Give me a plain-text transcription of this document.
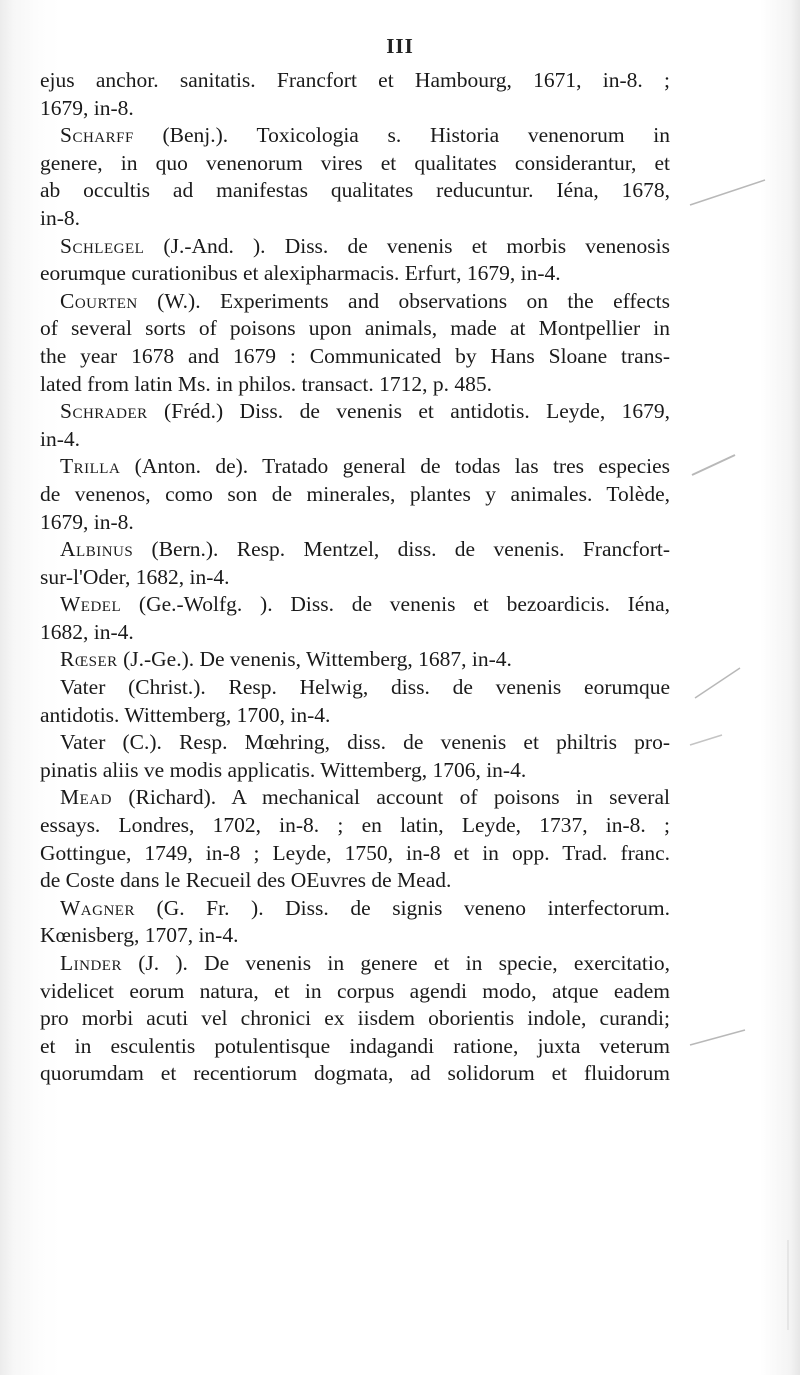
III
ejus anchor. sanitatis. Francfort et Hambourg, 1671, in-8. ;
1679, in-8.
Scharff (Benj.). Toxicologia s. Historia venenorum in
genere, in quo venenorum vires et qualitates considerantur, et
ab occultis ad manifestas qualitates reducuntur. Iéna, 1678,
in-8.
Schlegel (J.-And. ). Diss. de venenis et morbis venenosis
eorumque curationibus et alexipharmacis. Erfurt, 1679, in-4.
Courten (W.). Experiments and observations on the effects
of several sorts of poisons upon animals, made at Montpellier in
the year 1678 and 1679 : Communicated by Hans Sloane trans-
lated from latin Ms. in philos. transact. 1712, p. 485.
Schrader (Fréd.) Diss. de venenis et antidotis. Leyde, 1679,
in-4.
Trilla (Anton. de). Tratado general de todas las tres especies
de venenos, como son de minerales, plantes y animales. Tolède,
1679, in-8.
Albinus (Bern.). Resp. Mentzel, diss. de venenis. Francfort-
sur-l'Oder, 1682, in-4.
Wedel (Ge.-Wolfg. ). Diss. de venenis et bezoardicis. Iéna,
1682, in-4.
Rœser (J.-Ge.). De venenis, Wittemberg, 1687, in-4.
Vater (Christ.). Resp. Helwig, diss. de venenis eorumque
antidotis. Wittemberg, 1700, in-4.
Vater (C.). Resp. Mœhring, diss. de venenis et philtris pro-
pinatis aliis ve modis applicatis. Wittemberg, 1706, in-4.
Mead (Richard). A mechanical account of poisons in several
essays. Londres, 1702, in-8. ; en latin, Leyde, 1737, in-8. ;
Gottingue, 1749, in-8 ; Leyde, 1750, in-8 et in opp. Trad. franc.
de Coste dans le Recueil des OEuvres de Mead.
Wagner (G. Fr. ). Diss. de signis veneno interfectorum.
Kœnisberg, 1707, in-4.
Linder (J. ). De venenis in genere et in specie, exercitatio,
videlicet eorum natura, et in corpus agendi modo, atque eadem
pro morbi acuti vel chronici ex iisdem oborientis indole, curandi;
et in esculentis potulentisque indagandi ratione, juxta veterum
quorumdam et recentiorum dogmata, ad solidorum et fluidorum
